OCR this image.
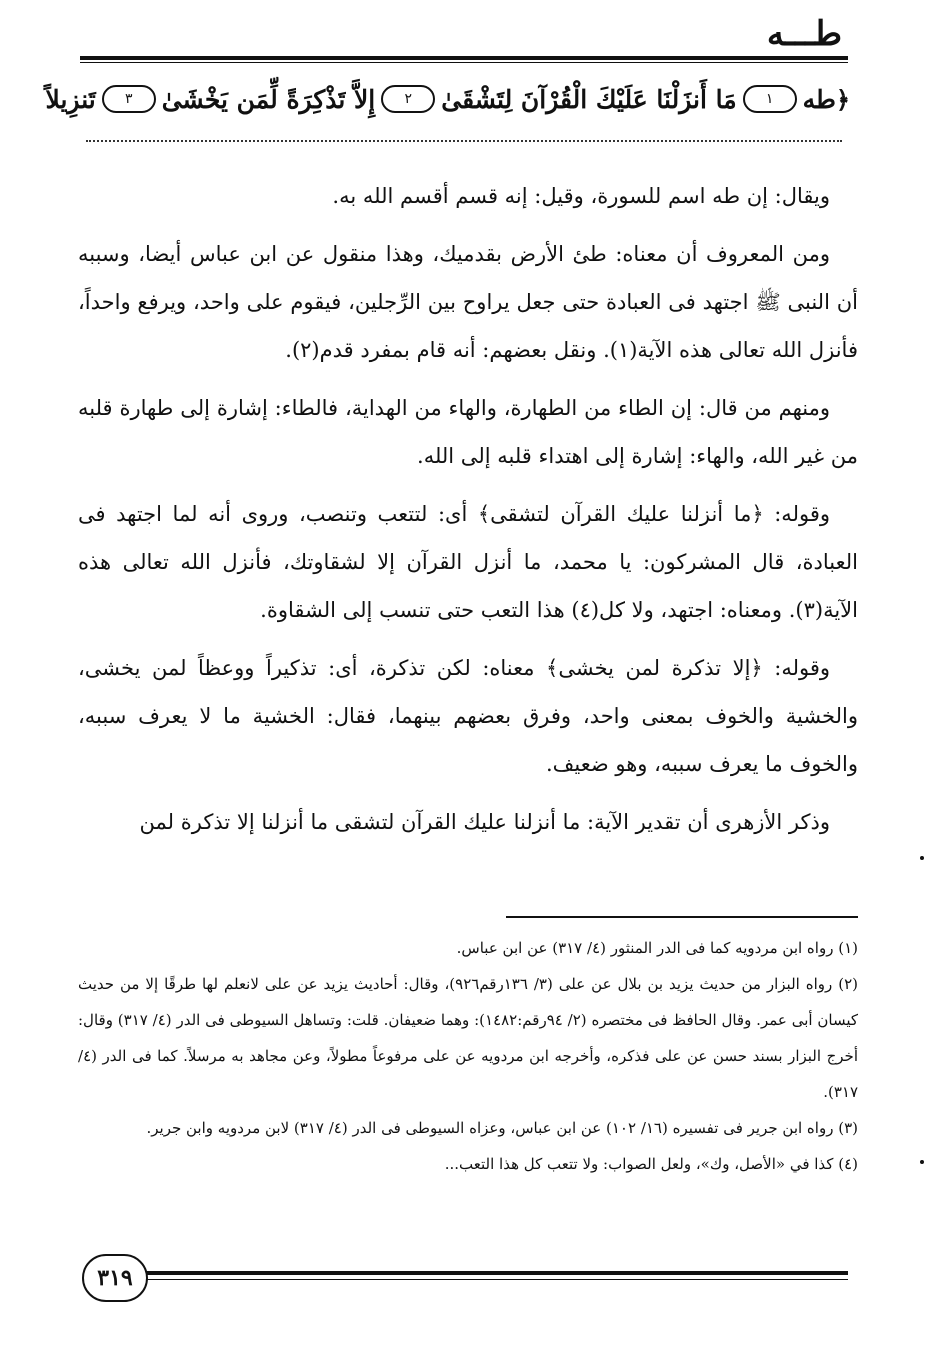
طـــه
﴿
طه
١
مَا أَنزَلْنَا عَلَيْكَ الْقُرْآنَ لِتَشْقَىٰ
٢
إِلاَّ تَذْكِرَةً لِّمَن يَخْشَىٰ
٣
تَنزِيلاً

ويقال: إن طه اسم للسورة، وقيل: إنه قسم أقسم الله به.

ومن المعروف أن معناه: طئ الأرض بقدميك، وهذا منقول عن ابن عباس أيضا، وسببه أن النبى ﷺ اجتهد فى العبادة حتى جعل يراوح بين الرِّجلين، فيقوم على واحد، ويرفع واحداً، فأنزل الله تعالى هذه الآية(١). ونقل بعضهم: أنه قام بمفرد قدم(٢).

ومنهم من قال: إن الطاء من الطهارة، والهاء من الهداية، فالطاء: إشارة إلى طهارة قلبه من غير الله، والهاء: إشارة إلى اهتداء قلبه إلى الله.

وقوله: ﴿ما أنزلنا عليك القرآن لتشقى﴾ أى: لتتعب وتنصب، وروى أنه لما اجتهد فى العبادة، قال المشركون: يا محمد، ما أنزل القرآن إلا لشقاوتك، فأنزل الله تعالى هذه الآية(٣). ومعناه: اجتهد، ولا كل(٤) هذا التعب حتى تنسب إلى الشقاوة.

وقوله: ﴿إلا تذكرة لمن يخشى﴾ معناه: لكن تذكرة، أى: تذكيراً ووعظاً لمن يخشى، والخشية والخوف بمعنى واحد، وفرق بعضهم بينهما، فقال: الخشية ما لا يعرف سببه، والخوف ما يعرف سببه، وهو ضعيف.

وذكر الأزهرى أن تقدير الآية: ما أنزلنا عليك القرآن لتشقى ما أنزلنا إلا تذكرة لمن

(١) رواه ابن مردويه كما فى الدر المنثور (٤/ ٣١٧) عن ابن عباس.

(٢) رواه البزار من حديث يزيد بن بلال عن على (٣/ ١٣٦رقم٩٢٦)، وقال: أحاديث يزيد عن على لانعلم لها طرقًا إلا من حديث كيسان أبى عمر. وقال الحافظ فى مختصره (٢/ ٩٤رقم:١٤٨٢): وهما ضعيفان. قلت: وتساهل السيوطى فى الدر (٤/ ٣١٧) وقال: أخرج البزار بسند حسن عن على فذكره، وأخرجه ابن مردويه عن على مرفوعاً مطولاً، وعن مجاهد به مرسلاً. كما فى الدر (٤/ ٣١٧).

(٣) رواه ابن جرير فى تفسيره (١٦/ ١٠٢) عن ابن عباس، وعزاه السيوطى فى الدر (٤/ ٣١٧) لابن مردويه وابن جرير.

(٤) كذا في «الأصل، وك»، ولعل الصواب: ولا تتعب كل هذا التعب...

٣١٩
